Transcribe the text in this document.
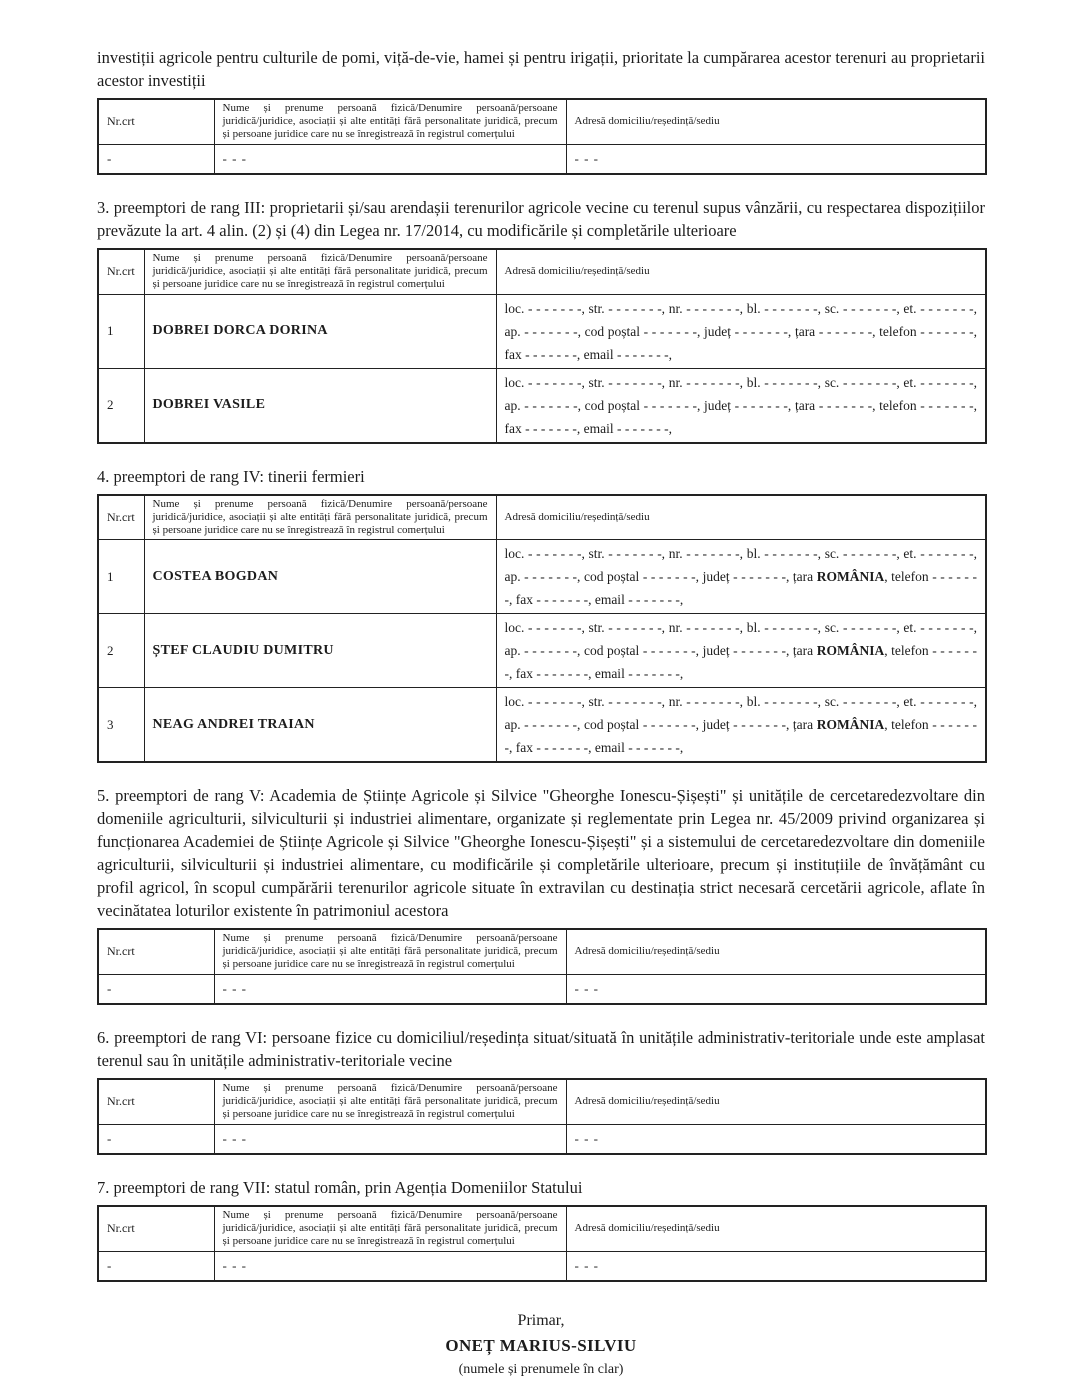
investiții agricole pentru culturile de pomi, viță-de-vie, hamei și pentru irigații, prioritate la cumpărarea acestor terenuri au proprietarii acestor investiții

Nr.crt	Nume și prenume persoană fizică/Denumire persoană/persoane juridică/juridice, asociații și alte entități fără personalitate juridică, precum și persoane juridice care nu se înregistrează în registrul comerțului	Adresă domiciliu/reședință/sediu
-	- - -	- - -

3. preemptori de rang III: proprietarii și/sau arendașii terenurilor agricole vecine cu terenul supus vânzării, cu respectarea dispozițiilor prevăzute la art. 4 alin. (2) și (4) din Legea nr. 17/2014, cu modificările și completările ulterioare

Nr.crt	Nume și prenume persoană fizică/Denumire persoană/persoane juridică/juridice, asociații și alte entități fără personalitate juridică, precum și persoane juridice care nu se înregistrează în registrul comerțului	Adresă domiciliu/reședință/sediu
1	DOBREI DORCA DORINA	loc. - - - - - - -, str. - - - - - - -, nr. - - - - - - -, bl. - - - - - - -, sc. - - - - - - -, et. - - - - - - -, ap. - - - - - - -, cod poștal - - - - - - -, județ - - - - - - -, țara - - - - - - -, telefon - - - - - - -, fax - - - - - - -, email - - - - - - -,
2	DOBREI VASILE	loc. - - - - - - -, str. - - - - - - -, nr. - - - - - - -, bl. - - - - - - -, sc. - - - - - - -, et. - - - - - - -, ap. - - - - - - -, cod poștal - - - - - - -, județ - - - - - - -, țara - - - - - - -, telefon - - - - - - -, fax - - - - - - -, email - - - - - - -,

4. preemptori de rang IV: tinerii fermieri

Nr.crt	Nume și prenume persoană fizică/Denumire persoană/persoane juridică/juridice, asociații și alte entități fără personalitate juridică, precum și persoane juridice care nu se înregistrează în registrul comerțului	Adresă domiciliu/reședință/sediu
1	COSTEA BOGDAN	loc. - - - - - - -, str. - - - - - - -, nr. - - - - - - -, bl. - - - - - - -, sc. - - - - - - -, et. - - - - - - -, ap. - - - - - - -, cod poștal - - - - - - -, județ - - - - - - -, țara ROMÂNIA, telefon - - - - - - -, fax - - - - - - -, email - - - - - - -,
2	ȘTEF CLAUDIU DUMITRU	loc. - - - - - - -, str. - - - - - - -, nr. - - - - - - -, bl. - - - - - - -, sc. - - - - - - -, et. - - - - - - -, ap. - - - - - - -, cod poștal - - - - - - -, județ - - - - - - -, țara ROMÂNIA, telefon - - - - - - -, fax - - - - - - -, email - - - - - - -,
3	NEAG ANDREI TRAIAN	loc. - - - - - - -, str. - - - - - - -, nr. - - - - - - -, bl. - - - - - - -, sc. - - - - - - -, et. - - - - - - -, ap. - - - - - - -, cod poștal - - - - - - -, județ - - - - - - -, țara ROMÂNIA, telefon - - - - - - -, fax - - - - - - -, email - - - - - - -,

5. preemptori de rang V: Academia de Științe Agricole și Silvice "Gheorghe Ionescu-Șișești" și unitățile de cercetaredezvoltare din domeniile agriculturii, silviculturii și industriei alimentare, organizate și reglementate prin Legea nr. 45/2009 privind organizarea și funcționarea Academiei de Științe Agricole și Silvice "Gheorghe Ionescu-Șișești" și a sistemului de cercetaredezvoltare din domeniile agriculturii, silviculturii și industriei alimentare, cu modificările și completările ulterioare, precum și instituțiile de învățământ cu profil agricol, în scopul cumpărării terenurilor agricole situate în extravilan cu destinația strict necesară cercetării agricole, aflate în vecinătatea loturilor existente în patrimoniul acestora

Nr.crt	Nume și prenume persoană fizică/Denumire persoană/persoane juridică/juridice, asociații și alte entități fără personalitate juridică, precum și persoane juridice care nu se înregistrează în registrul comerțului	Adresă domiciliu/reședință/sediu
-	- - -	- - -

6. preemptori de rang VI: persoane fizice cu domiciliul/reședința situat/situată în unitățile administrativ-teritoriale unde este amplasat terenul sau în unitățile administrativ-teritoriale vecine

Nr.crt	Nume și prenume persoană fizică/Denumire persoană/persoane juridică/juridice, asociații și alte entități fără personalitate juridică, precum și persoane juridice care nu se înregistrează în registrul comerțului	Adresă domiciliu/reședință/sediu
-	- - -	- - -

7. preemptori de rang VII: statul român, prin Agenția Domeniilor Statului

Nr.crt	Nume și prenume persoană fizică/Denumire persoană/persoane juridică/juridice, asociații și alte entități fără personalitate juridică, precum și persoane juridice care nu se înregistrează în registrul comerțului	Adresă domiciliu/reședință/sediu
-	- - -	- - -

Primar,

ONEȚ MARIUS-SILVIU

(numele și prenumele în clar)
